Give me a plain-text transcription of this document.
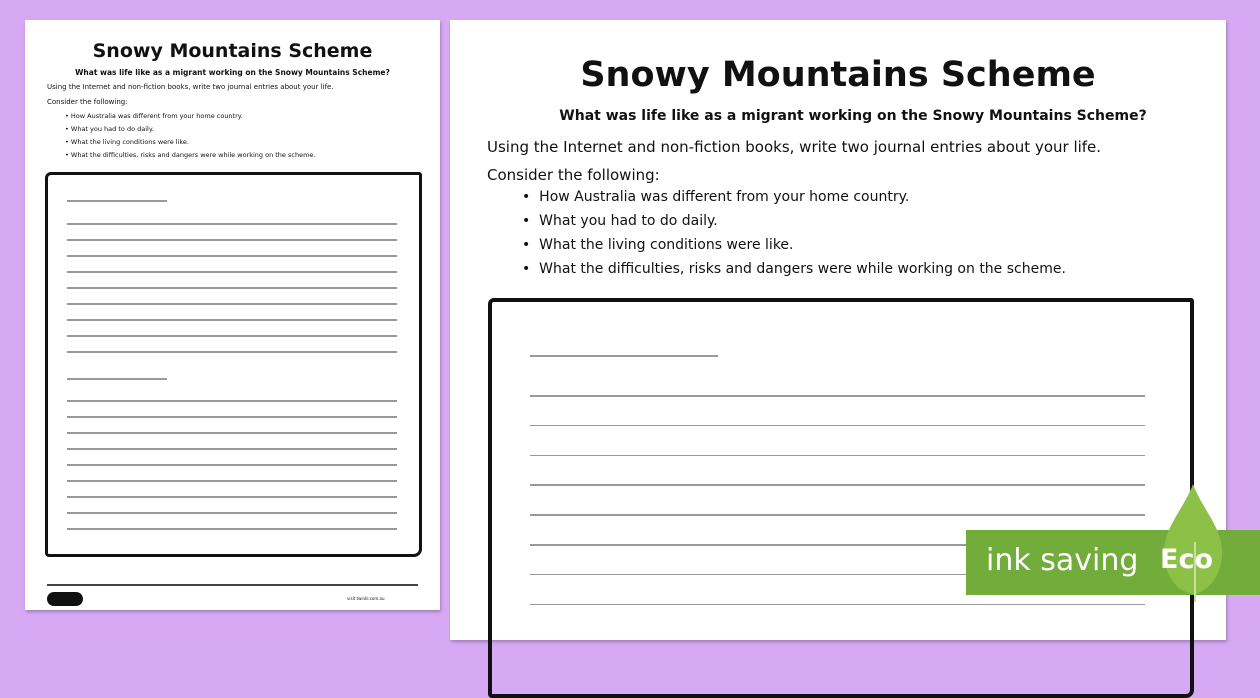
Snowy Mountains Scheme
What was life like as a migrant working on the Snowy Mountains Scheme?
Using the Internet and non-fiction books, write two journal entries about your life.
Consider the following:
• How Australia was different from your home country.
• What you had to do daily.
• What the living conditions were like.
• What the difficulties, risks and dangers were while working on the scheme.
visit twinkl.com.au
Snowy Mountains Scheme
What was life like as a migrant working on the Snowy Mountains Scheme?
Using the Internet and non-fiction books, write two journal entries about your life.
Consider the following:
•  How Australia was different from your home country.
•  What you had to do daily.
•  What the living conditions were like.
•  What the difficulties, risks and dangers were while working on the scheme.
ink saving Eco
